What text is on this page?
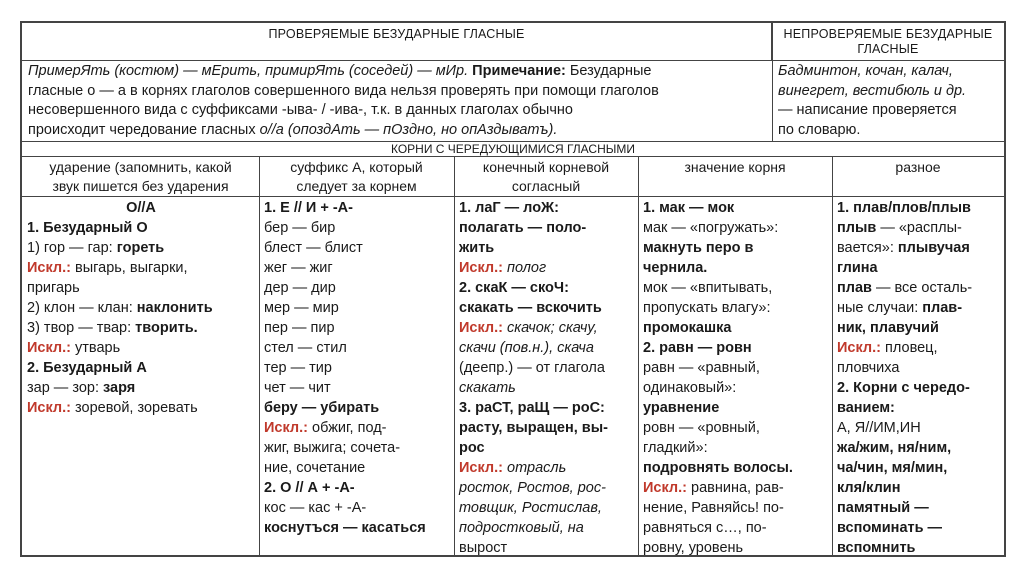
ПРОВЕРЯЕМЫЕ БЕЗУДАРНЫЕ ГЛАСНЫЕ	НЕПРОВЕРЯЕМЫЕ БЕЗУДАРНЫЕ
ГЛАСНЫЕ
ПримерЯть (костюм) — мЕрить, примирЯть (соседей) — мИр. Примечание: Безударные
гласные о — а в корнях глаголов совершенного вида нельзя проверять при помощи глаголов
несовершенного вида с суффиксами -ыва- / -ива-, т.к. в данных глаголах обычно
происходит чередование гласных о//а (опоздАть — пОздно, но опАздыватъ).
Бадминтон, кочан, калач,
винегрет, вестибюль и др.
— написание проверяется
по словарю.
КОРНИ С ЧЕРЕДУЮЩИМИСЯ ГЛАСНЫМИ
ударение (запомнить, какой
звук пишется без ударения
суффикс А, который
следует за корнем
конечный корневой
согласный
значение корня	разное
О//А
1. Безударный О
1) гор — гар: гореть
Искл.: выгарь, выгарки,
пригарь
2) клон — клан: наклонить
3) твор — твар: творить.
Искл.: утварь
2. Безударный А
зар — зор: заря
Искл.: зоревой, зоревать
1. Е // И + -А-
бер — бир
блест — блист
жег — жиг
дер — дир
мер — мир
пер — пир
стел — стил
тер — тир
чет — чит
беру — убирать
Искл.: обжиг, под-
жиг, выжига; сочета-
ние, сочетание
2. О // А + -А-
кос — кас + -А-
коснутъся — касаться
1. лаГ — лоЖ:
полагать — поло-
жить
Искл.: полог
2. скаК — скоЧ:
скакать — вскочить
Искл.: скачок; скачу,
скачи (пов.н.), скача
(деепр.) — от глагола
скакать
3. раСТ, раЩ — роС:
расту, выращен, вы-
рос
Искл.: отрасль
росток, Ростов, рос-
товщик, Ростислав,
подростковый, на
вырост
1. мак — мок
мак — «погружать»:
макнуть перо в
чернила.
мок — «впитывать,
пропускать влагу»:
промокашка
2. равн — ровн
равн — «равный,
одинаковый»:
уравнение
ровн — «ровный,
гладкий»:
подровнять волосы.
Искл.: равнина, рав-
нение, Равняйсь! по-
равняться с…, по-
ровну, уровень
1. плав/плов/плыв
плыв — «расплы-
вается»: плывучая
глина
плав — все осталь-
ные случаи: плав-
ник, плавучий
Искл.: пловец,
пловчиха
2. Корни с чередо-
ванием:
А, Я//ИМ,ИН
жа/жим, ня/ним,
ча/чин, мя/мин,
кля/клин
памятный —
вспоминать —
вспомнить
